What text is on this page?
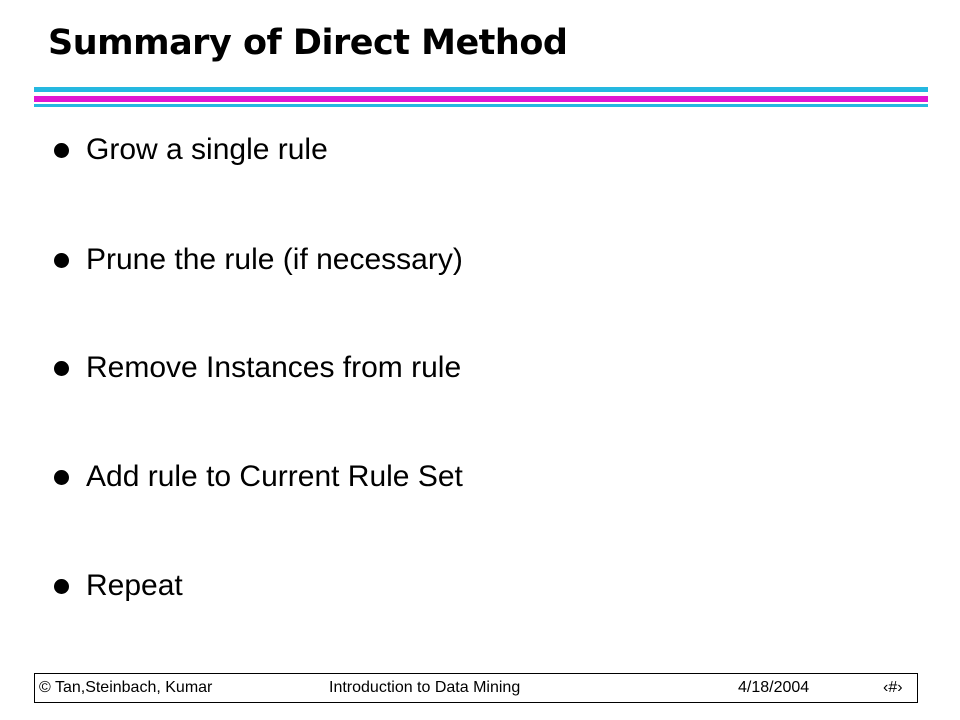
Summary of Direct Method
Grow a single rule
Prune the rule (if necessary)
Remove Instances from rule
Add rule to Current Rule Set
Repeat
© Tan,Steinbach, Kumar	Introduction to Data Mining	4/18/2004	‹#›
